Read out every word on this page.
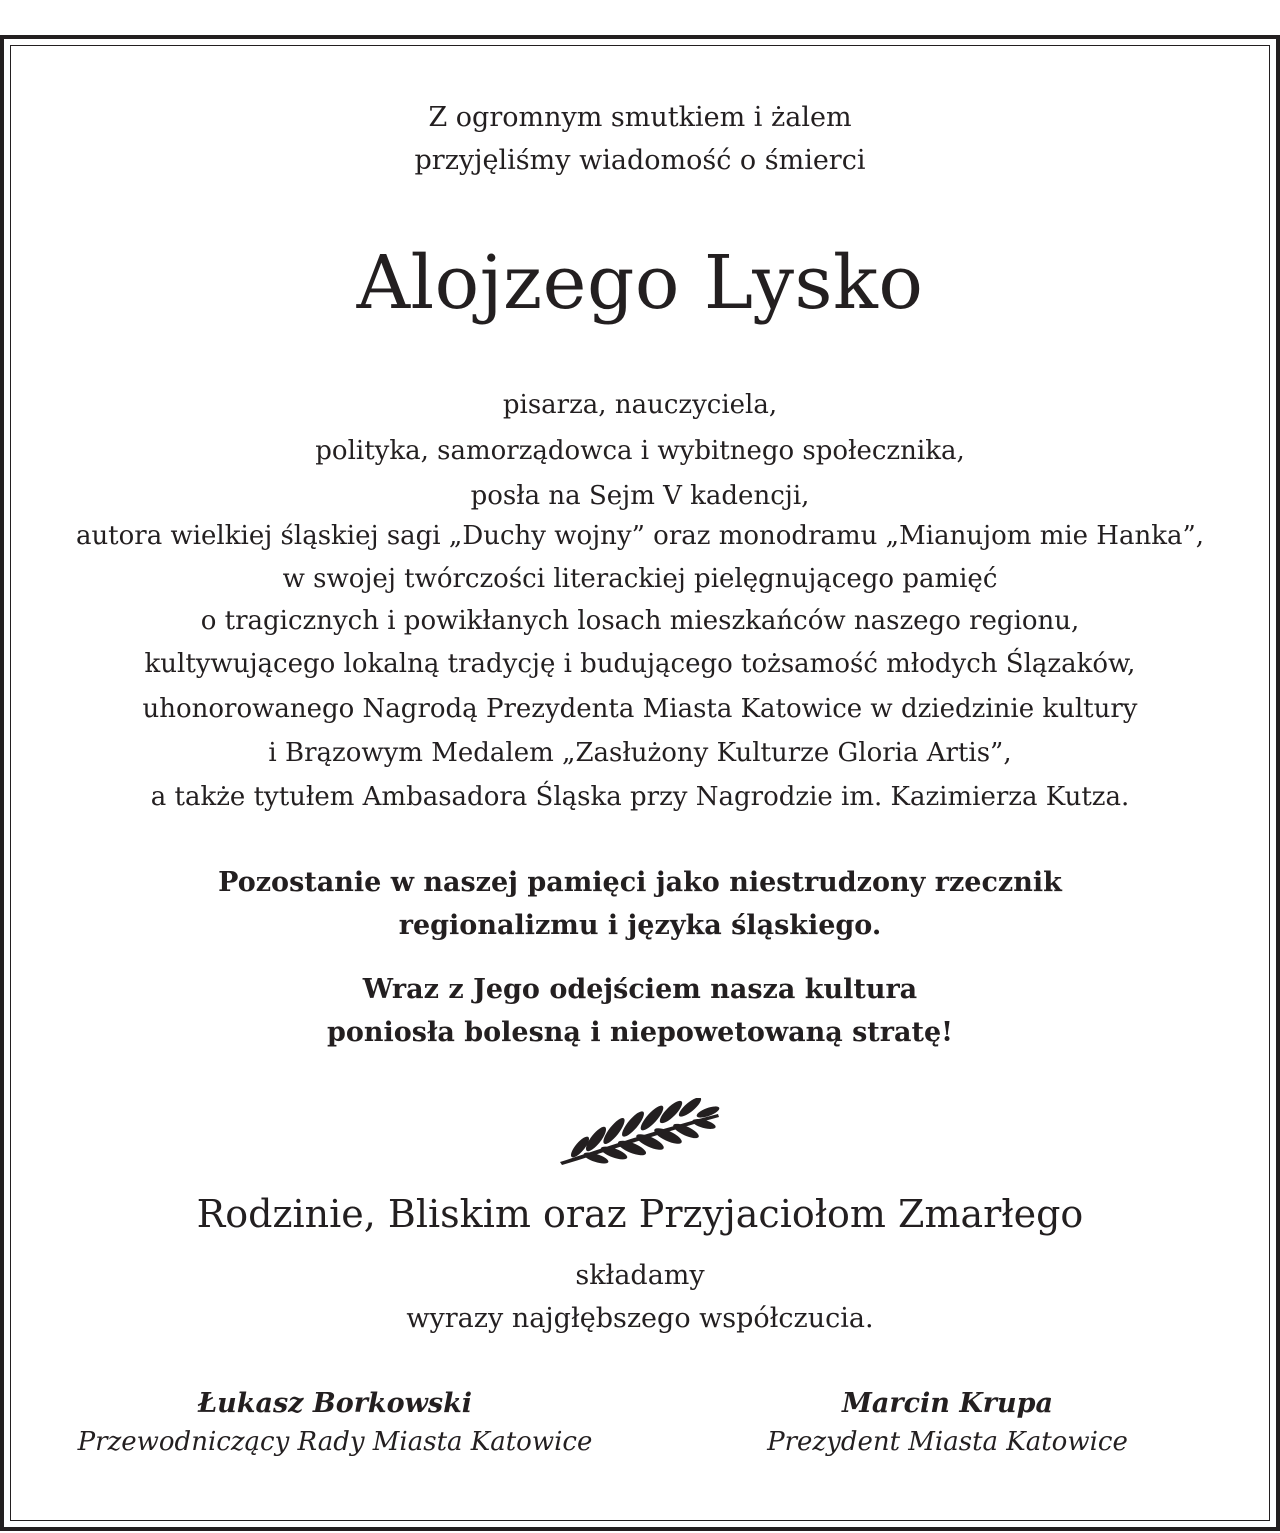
Z ogromnym smutkiem i żalem
przyjęliśmy wiadomość o śmierci
Alojzego Lysko
pisarza, nauczyciela,
polityka, samorządowca i wybitnego społecznika,
posła na Sejm V kadencji,
autora wielkiej śląskiej sagi „Duchy wojny” oraz monodramu „Mianujom mie Hanka”,
w swojej twórczości literackiej pielęgnującego pamięć
o tragicznych i powikłanych losach mieszkańców naszego regionu,
kultywującego lokalną tradycję i budującego tożsamość młodych Ślązaków,
uhonorowanego Nagrodą Prezydenta Miasta Katowice w dziedzinie kultury
i Brązowym Medalem „Zasłużony Kulturze Gloria Artis”,
a także tytułem Ambasadora Śląska przy Nagrodzie im. Kazimierza Kutza.
Pozostanie w naszej pamięci jako niestrudzony rzecznik
regionalizmu i języka śląskiego.
Wraz z Jego odejściem nasza kultura
poniosła bolesną i niepowetowaną stratę!
Rodzinie, Bliskim oraz Przyjaciołom Zmarłego
składamy
wyrazy najgłębszego współczucia.
Łukasz Borkowski
Przewodniczący Rady Miasta Katowice
Marcin Krupa
Prezydent Miasta Katowice
